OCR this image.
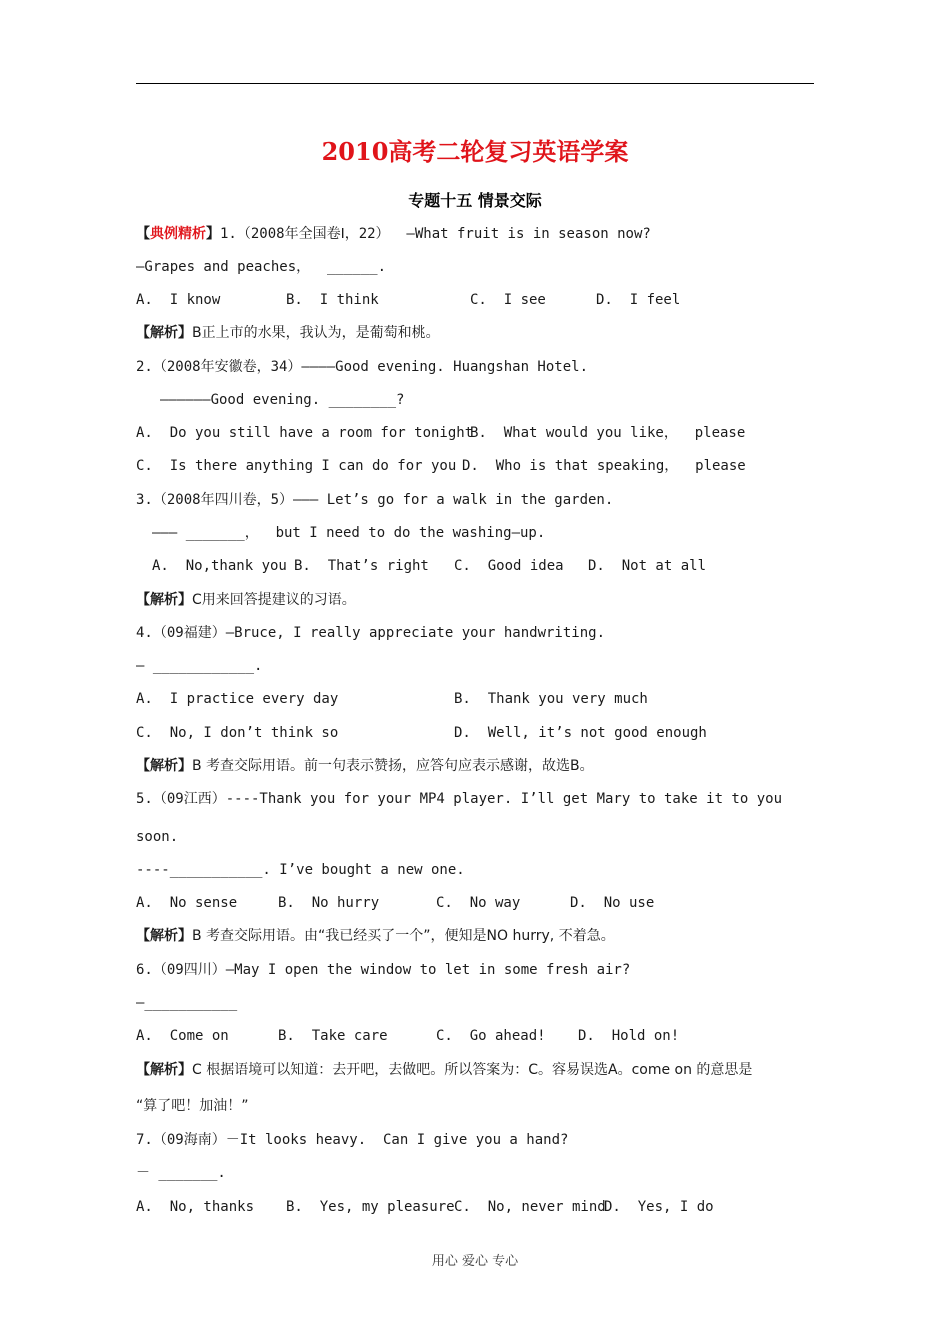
2010高考二轮复习英语学案
专题十五 情景交际
【典例精析】1.（2008年全国卷Ⅰ，22）  —What fruit is in season now?
—Grapes and peaches，  ______.
A.  I know	B.  I think	C.  I see	D.  I feel
【解析】B正上市的水果，我认为，是葡萄和桃。
2.（2008年安徽卷，34）————Good evening. Huangshan Hotel.
——————Good evening. ________?
A.  Do you still have a room for tonight
B.  What would you like，  please
C.  Is there anything I can do for you D.  Who is that speaking，  please
3.（2008年四川卷，5）——— Let’s go for a walk in the garden.
——— _______，  but I need to do the washing—up.
A.  No,thank you B.  That’s right C.  Good idea D.  Not at all
【解析】C用来回答提建议的习语。
4.（09福建）–Bruce, I really appreciate your handwriting.
– ____________.
A.  I practice every day	B.  Thank you very much
C.  No, I don’t think so	D.  Well, it’s not good enough
【解析】B 考查交际用语。前一句表示赞扬，应答句应表示感谢，故选B。
5.（09江西）----Thank you for your MP4 player. I’ll get Mary to take it to you
soon.
----___________. I’ve bought a new one.
A.  No sense	B.  No hurry	C.  No way	D.  No use
【解析】B 考查交际用语。由“我已经买了一个”，便知是NO hurry, 不着急。
6.（09四川）—May I open the window to let in some fresh air?
—___________
A.  Come on	B.  Take care	C.  Go ahead! D.  Hold on!
【解析】C 根据语境可以知道：去开吧，去做吧。所以答案为：C。容易误选A。come on 的意思是
“算了吧！加油！”
7.（09海南）－It looks heavy.  Can I give you a hand?
－ _______.
A.  No, thanks B.  Yes, my pleasure C.  No, never mind
D.  Yes, I do
用心 爱心 专心
